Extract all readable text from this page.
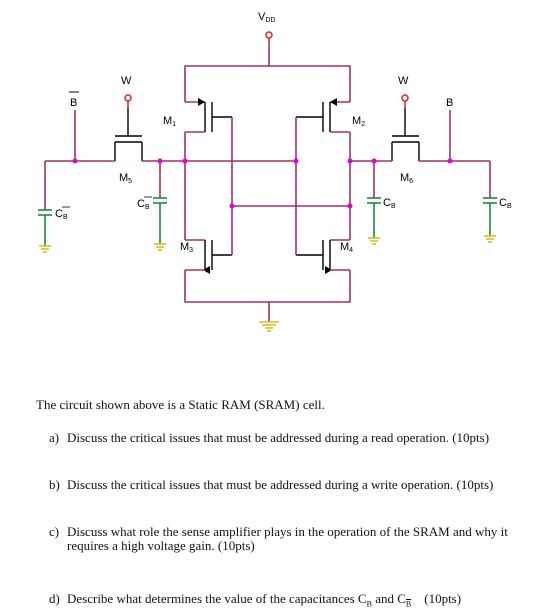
VDD
M1
M3
M2
M4
M5
W
M6
W
B	B
CB
CB	CB	CB
The circuit shown above is a Static RAM (SRAM) cell.
a) Discuss the critical issues that must be addressed during a read operation. (10pts)
b) Discuss the critical issues that must be addressed during a write operation. (10pts)
c) Discuss what role the sense amplifier plays in the operation of the SRAM and why it requires a high voltage gain. (10pts)
d) Describe what determines the value of the capacitances $C_B$ and $C_{\overline{B}}$    (10pts)
